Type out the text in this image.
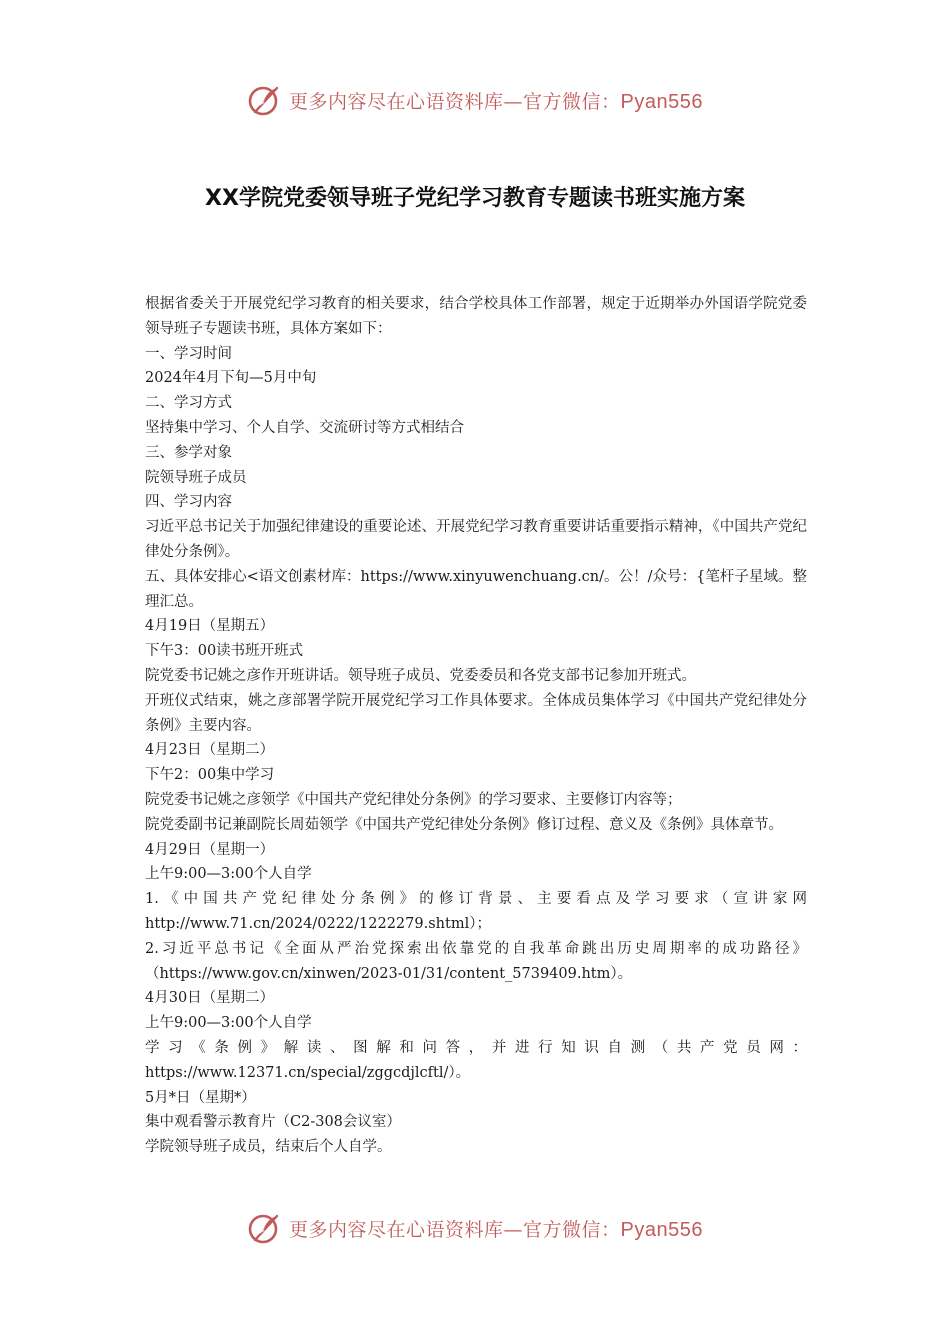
更多内容尽在心语资料库—官方微信：Pyan556
XX学院党委领导班子党纪学习教育专题读书班实施方案

根据省委关于开展党纪学习教育的相关要求，结合学校具体工作部署，规定于近期举办外国语学院党委领导班子专题读书班，具体方案如下：

一、学习时间

2024年4月下旬—5月中旬

二、学习方式

坚持集中学习、个人自学、交流研讨等方式相结合

三、参学对象

院领导班子成员

四、学习内容

习近平总书记关于加强纪律建设的重要论述、开展党纪学习教育重要讲话重要指示精神，《中国共产党纪律处分条例》。

五、具体安排心<语文创素材库：https://www.xinyuwenchuang.cn/。公！/众号：{笔杆子星域。整理汇总。

4月19日（星期五）

下午3：00读书班开班式

院党委书记姚之彦作开班讲话。领导班子成员、党委委员和各党支部书记参加开班式。

开班仪式结束，姚之彦部署学院开展党纪学习工作具体要求。全体成员集体学习《中国共产党纪律处分条例》主要内容。

4月23日（星期二）

下午2：00集中学习

院党委书记姚之彦领学《中国共产党纪律处分条例》的学习要求、主要修订内容等；

院党委副书记兼副院长周茹领学《中国共产党纪律处分条例》修订过程、意义及《条例》具体章节。

4月29日（星期一）

上午9:00—3:00个人自学

1.《中国共产党纪律处分条例》的修订背景、主要看点及学习要求（宣讲家网 http://www.71.cn/2024/0222/1222279.shtml）；

2.习近平总书记《全面从严治党探索出依靠党的自我革命跳出历史周期率的成功路径》（https://www.gov.cn/xinwen/2023-01/31/content_5739409.htm）。

4月30日（星期二）

上午9:00—3:00个人自学

学习《条例》解读、图解和问答，并进行知识自测（共产党员网：https://www.12371.cn/special/zggcdjlcftl/）。

5月*日（星期*）

集中观看警示教育片（C2-308会议室）

学院领导班子成员，结束后个人自学。

更多内容尽在心语资料库—官方微信：Pyan556
